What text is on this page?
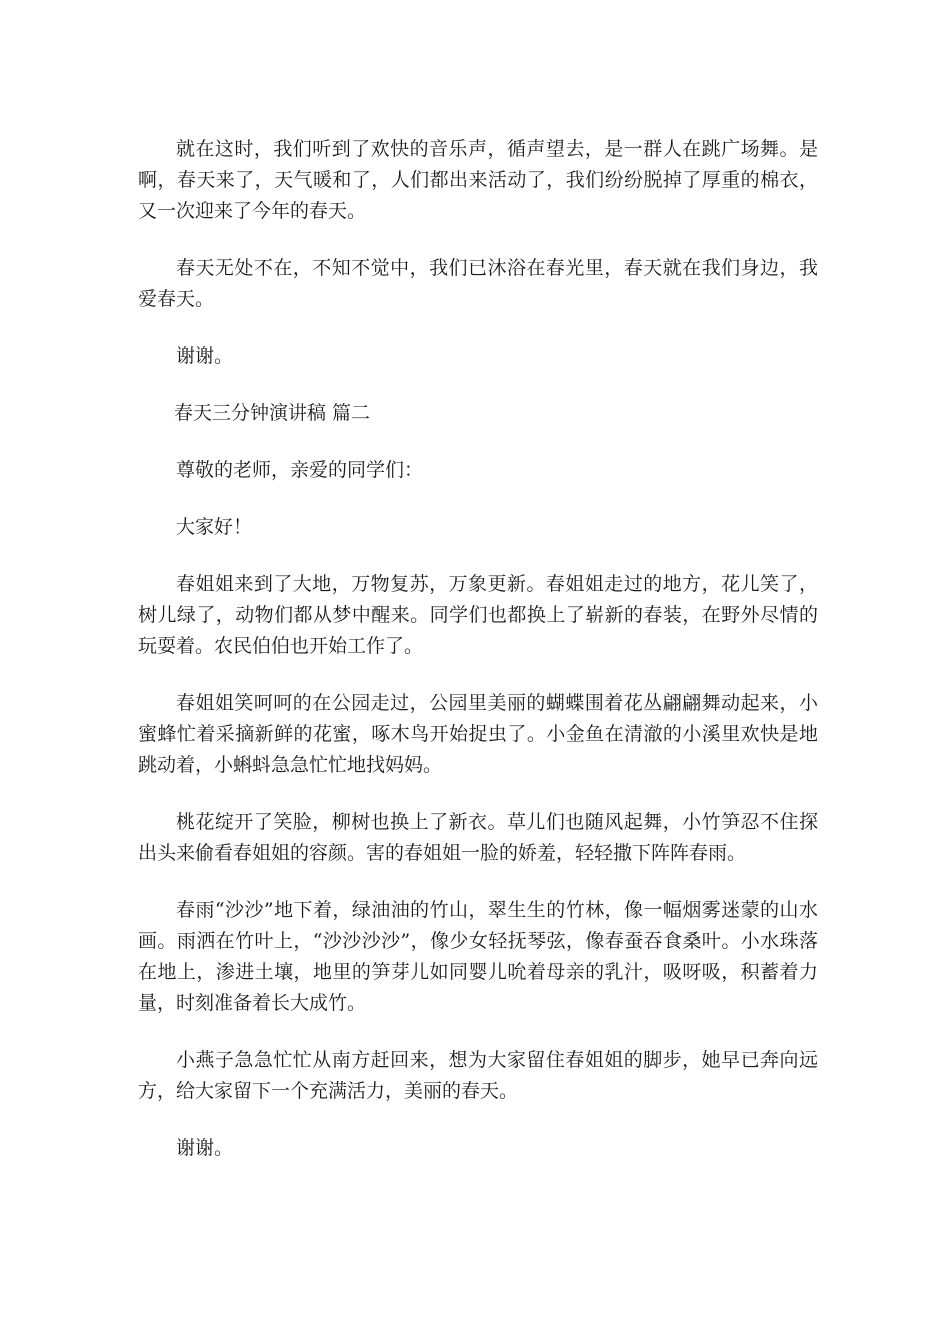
就在这时，我们听到了欢快的音乐声，循声望去，是一群人在跳广场舞。是啊，春天来了，天气暖和了，人们都出来活动了，我们纷纷脱掉了厚重的棉衣，又一次迎来了今年的春天。

春天无处不在，不知不觉中，我们已沐浴在春光里，春天就在我们身边，我爱春天。

谢谢。

春天三分钟演讲稿 篇二

尊敬的老师，亲爱的同学们：

大家好！

春姐姐来到了大地，万物复苏，万象更新。春姐姐走过的地方，花儿笑了，树儿绿了，动物们都从梦中醒来。同学们也都换上了崭新的春装，在野外尽情的玩耍着。农民伯伯也开始工作了。

春姐姐笑呵呵的在公园走过，公园里美丽的蝴蝶围着花丛翩翩舞动起来，小蜜蜂忙着采摘新鲜的花蜜，啄木鸟开始捉虫了。小金鱼在清澈的小溪里欢快是地跳动着，小蝌蚪急急忙忙地找妈妈。

桃花绽开了笑脸，柳树也换上了新衣。草儿们也随风起舞，小竹笋忍不住探出头来偷看春姐姐的容颜。害的春姐姐一脸的娇羞，轻轻撒下阵阵春雨。

春雨“沙沙”地下着，绿油油的竹山，翠生生的竹林，像一幅烟雾迷蒙的山水画。雨洒在竹叶上，“沙沙沙沙”，像少女轻抚琴弦，像春蚕吞食桑叶。小水珠落在地上，渗进土壤，地里的笋芽儿如同婴儿吮着母亲的乳汁，吸呀吸，积蓄着力量，时刻准备着长大成竹。

小燕子急急忙忙从南方赶回来，想为大家留住春姐姐的脚步，她早已奔向远方，给大家留下一个充满活力，美丽的春天。

谢谢。
